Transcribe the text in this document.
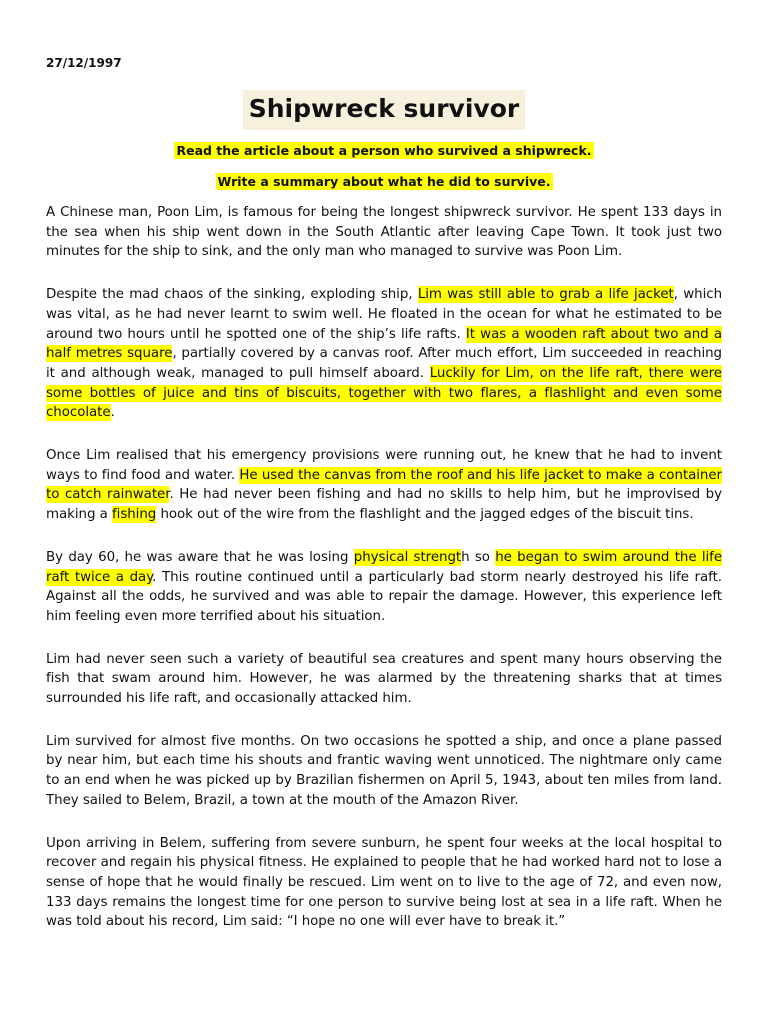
27/12/1997

Shipwreck survivor

Read the article about a person who survived a shipwreck.

Write a summary about what he did to survive.

A Chinese man, Poon Lim, is famous for being the longest shipwreck survivor. He spent 133 days in the sea when his ship went down in the South Atlantic after leaving Cape Town. It took just two minutes for the ship to sink, and the only man who managed to survive was Poon Lim.

Despite the mad chaos of the sinking, exploding ship, Lim was still able to grab a life jacket, which was vital, as he had never learnt to swim well. He floated in the ocean for what he estimated to be around two hours until he spotted one of the ship’s life rafts. It was a wooden raft about two and a half metres square, partially covered by a canvas roof. After much effort, Lim succeeded in reaching it and although weak, managed to pull himself aboard. Luckily for Lim, on the life raft, there were some bottles of juice and tins of biscuits, together with two flares, a flashlight and even some chocolate.

Once Lim realised that his emergency provisions were running out, he knew that he had to invent ways to find food and water. He used the canvas from the roof and his life jacket to make a container to catch rainwater. He had never been fishing and had no skills to help him, but he improvised by making a fishing hook out of the wire from the flashlight and the jagged edges of the biscuit tins.

By day 60, he was aware that he was losing physical strength so he began to swim around the life raft twice a day. This routine continued until a particularly bad storm nearly destroyed his life raft. Against all the odds, he survived and was able to repair the damage. However, this experience left him feeling even more terrified about his situation.

Lim had never seen such a variety of beautiful sea creatures and spent many hours observing the fish that swam around him. However, he was alarmed by the threatening sharks that at times surrounded his life raft, and occasionally attacked him.

Lim survived for almost five months. On two occasions he spotted a ship, and once a plane passed by near him, but each time his shouts and frantic waving went unnoticed. The nightmare only came to an end when he was picked up by Brazilian fishermen on April 5, 1943, about ten miles from land. They sailed to Belem, Brazil, a town at the mouth of the Amazon River.

Upon arriving in Belem, suffering from severe sunburn, he spent four weeks at the local hospital to recover and regain his physical fitness. He explained to people that he had worked hard not to lose a sense of hope that he would finally be rescued. Lim went on to live to the age of 72, and even now, 133 days remains the longest time for one person to survive being lost at sea in a life raft. When he was told about his record, Lim said: “I hope no one will ever have to break it.”
